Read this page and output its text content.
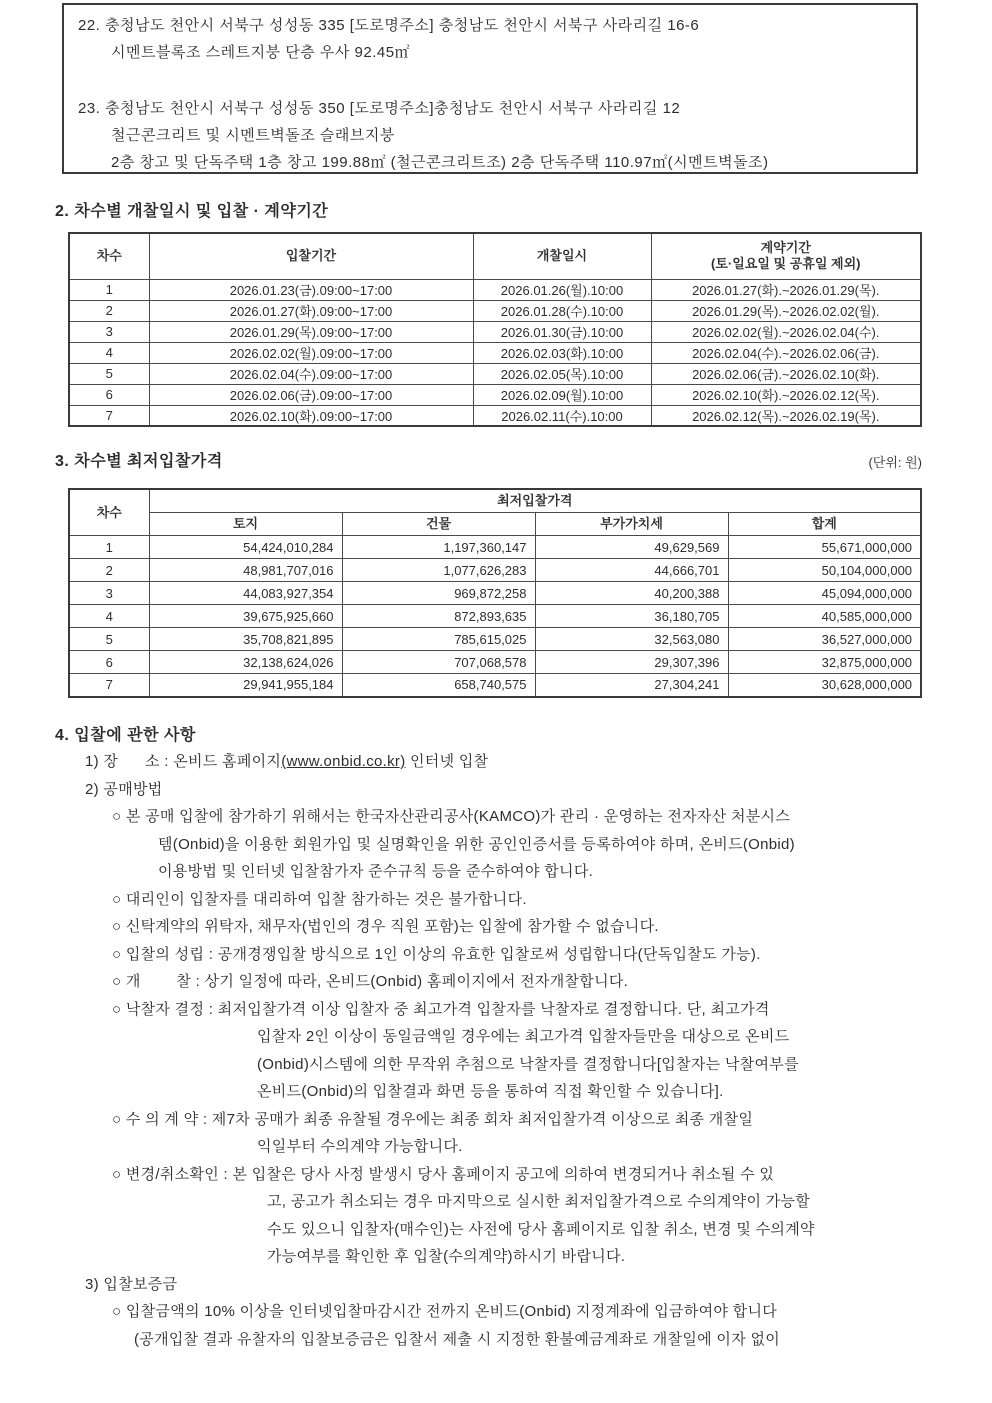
22. 충청남도 천안시 서북구 성성동 335 [도로명주소] 충청남도 천안시 서북구 사라리길 16-6
시멘트블록조 스레트지붕 단층 우사 92.45㎡
23. 충청남도 천안시 서북구 성성동 350 [도로명주소]충청남도 천안시 서북구 사라리길 12
철근콘크리트 및 시멘트벽돌조 슬래브지붕
2층 창고 및 단독주택 1층 창고 199.88㎡ (철근콘크리트조) 2층 단독주택 110.97㎡(시멘트벽돌조)
2. 차수별 개찰일시 및 입찰 · 계약기간
차수	입찰기간	개찰일시	계약기간
(토·일요일 및 공휴일 제외)

1	2026.01.23(금).09:00~17:00	2026.01.26(월).10:00	2026.01.27(화).~2026.01.29(목).
2	2026.01.27(화).09:00~17:00	2026.01.28(수).10:00	2026.01.29(목).~2026.02.02(월).
3	2026.01.29(목).09:00~17:00	2026.01.30(금).10:00	2026.02.02(월).~2026.02.04(수).
4	2026.02.02(월).09:00~17:00	2026.02.03(화).10:00	2026.02.04(수).~2026.02.06(금).
5	2026.02.04(수).09:00~17:00	2026.02.05(목).10:00	2026.02.06(금).~2026.02.10(화).
6	2026.02.06(금).09:00~17:00	2026.02.09(월).10:00	2026.02.10(화).~2026.02.12(목).
7	2026.02.10(화).09:00~17:00	2026.02.11(수).10:00	2026.02.12(목).~2026.02.19(목).
3. 차수별 최저입찰가격	(단위: 원)
차수	최저입찰가격			
	토지	건물	부가가치세	합계
1	54,424,010,284	1,197,360,147	49,629,569	55,671,000,000
2	48,981,707,016	1,077,626,283	44,666,701	50,104,000,000
3	44,083,927,354	969,872,258	40,200,388	45,094,000,000
4	39,675,925,660	872,893,635	36,180,705	40,585,000,000
5	35,708,821,895	785,615,025	32,563,080	36,527,000,000
6	32,138,624,026	707,068,578	29,307,396	32,875,000,000
7	29,941,955,184	658,740,575	27,304,241	30,628,000,000
4. 입찰에 관한 사항
1) 장      소 : 온비드 홈페이지(www.onbid.co.kr) 인터넷 입찰
2) 공매방법
○ 본 공매 입찰에 참가하기 위해서는 한국자산관리공사(KAMCO)가 관리 · 운영하는 전자자산 처분시스
템(Onbid)을 이용한 회원가입 및 실명확인을 위한 공인인증서를 등록하여야 하며, 온비드(Onbid)
이용방법 및 인터넷 입찰참가자 준수규칙 등을 준수하여야 합니다.
○ 대리인이 입찰자를 대리하여 입찰 참가하는 것은 불가합니다.
○ 신탁계약의 위탁자, 채무자(법인의 경우 직원 포함)는 입찰에 참가할 수 없습니다.
○ 입찰의 성립 : 공개경쟁입찰 방식으로 1인 이상의 유효한 입찰로써 성립합니다(단독입찰도 가능).
○ 개        찰 : 상기 일정에 따라, 온비드(Onbid) 홈페이지에서 전자개찰합니다.
○ 낙찰자 결정 : 최저입찰가격 이상 입찰자 중 최고가격 입찰자를 낙찰자로 결정합니다. 단, 최고가격
입찰자 2인 이상이 동일금액일 경우에는 최고가격 입찰자들만을 대상으로 온비드
(Onbid)시스템에 의한 무작위 추첨으로 낙찰자를 결정합니다[입찰자는 낙찰여부를
온비드(Onbid)의 입찰결과 화면 등을 통하여 직접 확인할 수 있습니다].
○ 수 의 계 약 : 제7차 공매가 최종 유찰될 경우에는 최종 회차 최저입찰가격 이상으로 최종 개찰일
익일부터 수의계약 가능합니다.
○ 변경/취소확인 : 본 입찰은 당사 사정 발생시 당사 홈페이지 공고에 의하여 변경되거나 취소될 수 있
고, 공고가 취소되는 경우 마지막으로 실시한 최저입찰가격으로 수의계약이 가능할
수도 있으니 입찰자(매수인)는 사전에 당사 홈페이지로 입찰 취소, 변경 및 수의계약
가능여부를 확인한 후 입찰(수의계약)하시기 바랍니다.
3) 입찰보증금
○ 입찰금액의 10% 이상을 인터넷입찰마감시간 전까지 온비드(Onbid) 지정계좌에 입금하여야 합니다
(공개입찰 결과 유찰자의 입찰보증금은 입찰서 제출 시 지정한 환불예금계좌로 개찰일에 이자 없이
